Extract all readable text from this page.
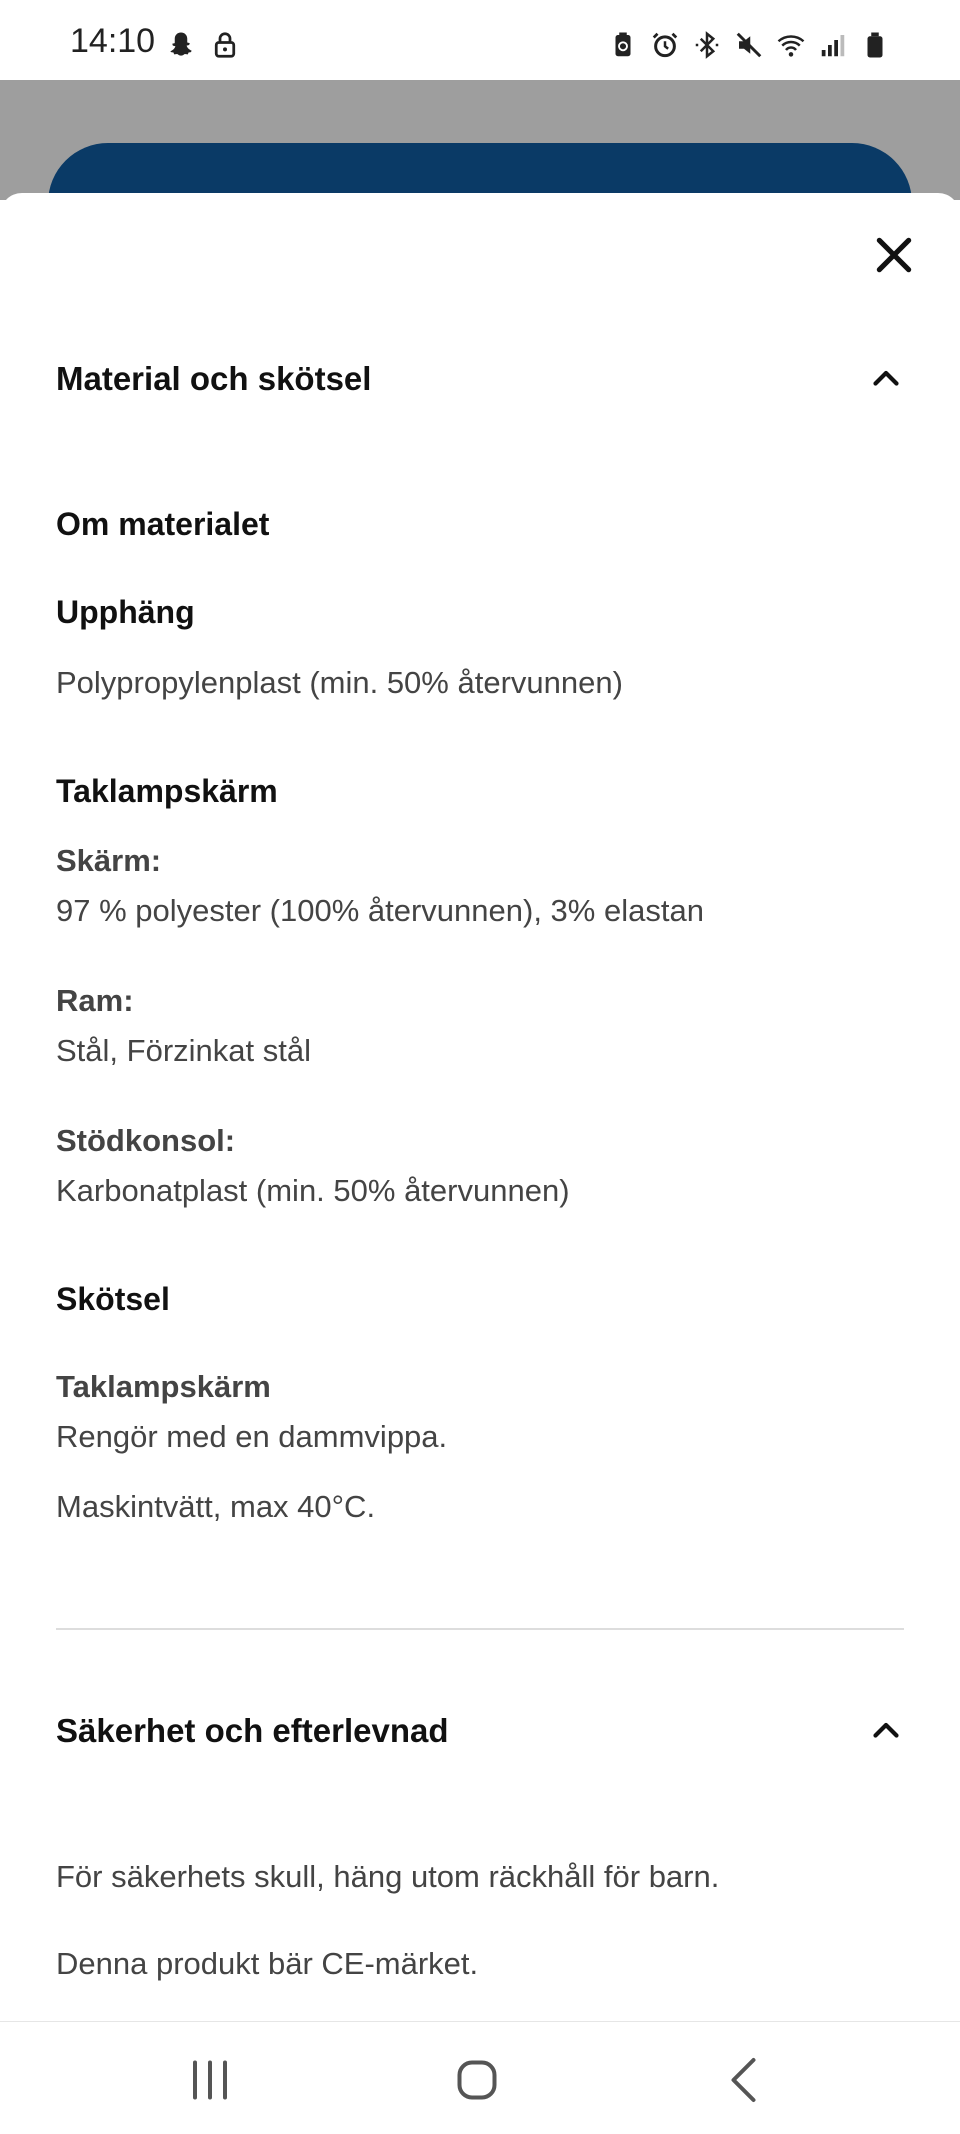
14:10
Material och skötsel
Om materialet
Upphäng
Polypropylenplast (min. 50% återvunnen)
Taklampskärm
Skärm:
97 % polyester (100% återvunnen), 3% elastan
Ram:
Stål, Förzinkat stål
Stödkonsol:
Karbonatplast (min. 50% återvunnen)
Skötsel
Taklampskärm
Rengör med en dammvippa.
Maskintvätt, max 40°C.
Säkerhet och efterlevnad
För säkerhets skull, häng utom räckhåll för barn.
Denna produkt bär CE-märket.
